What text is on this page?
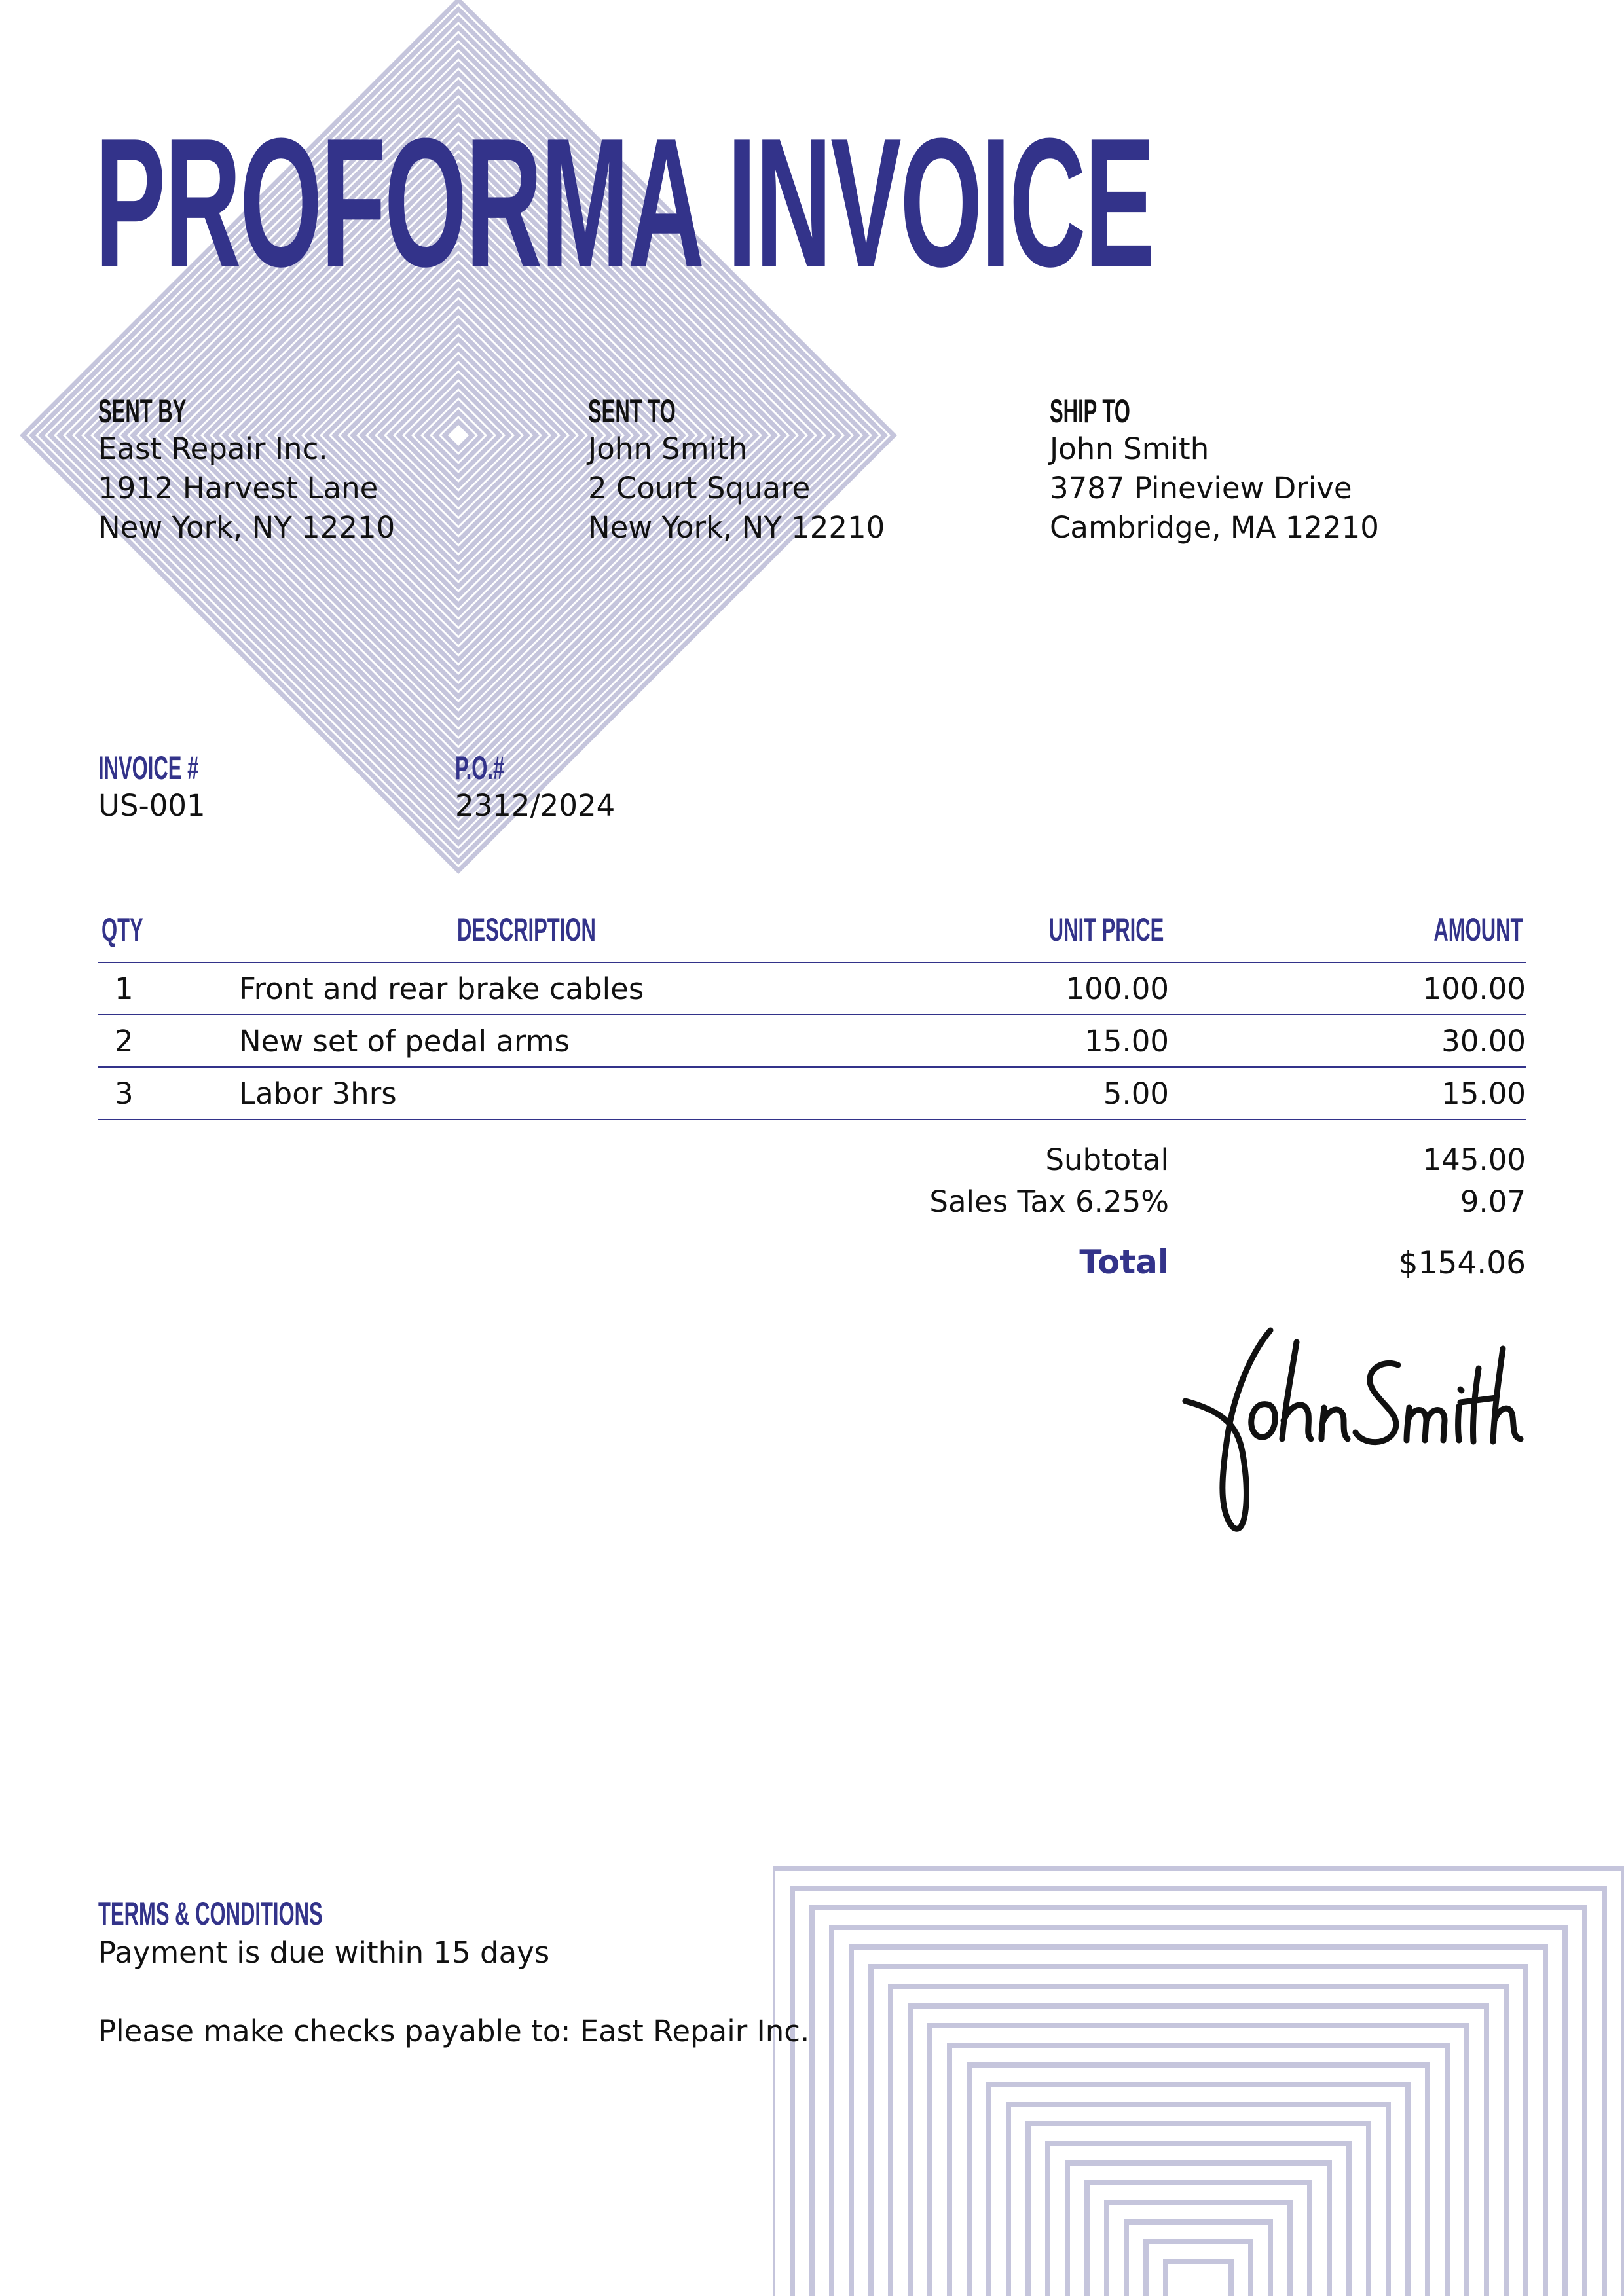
PROFORMA INVOICE
SENT BY
East Repair Inc.
1912 Harvest Lane
New York, NY 12210
SENT TO
John Smith
2 Court Square
New York, NY 12210
SHIP TO
John Smith
3787 Pineview Drive
Cambridge, MA 12210
INVOICE #
US-001
P.O.#
2312/2024
QTY	DESCRIPTION	UNIT PRICE	AMOUNT
1	Front and rear brake cables	100.00	100.00
2	New set of pedal arms	15.00	30.00
3	Labor 3hrs	5.00	15.00
Subtotal	145.00
Sales Tax 6.25%	9.07
Total	$154.06
TERMS & CONDITIONS
Payment is due within 15 days
Please make checks payable to: East Repair Inc.
